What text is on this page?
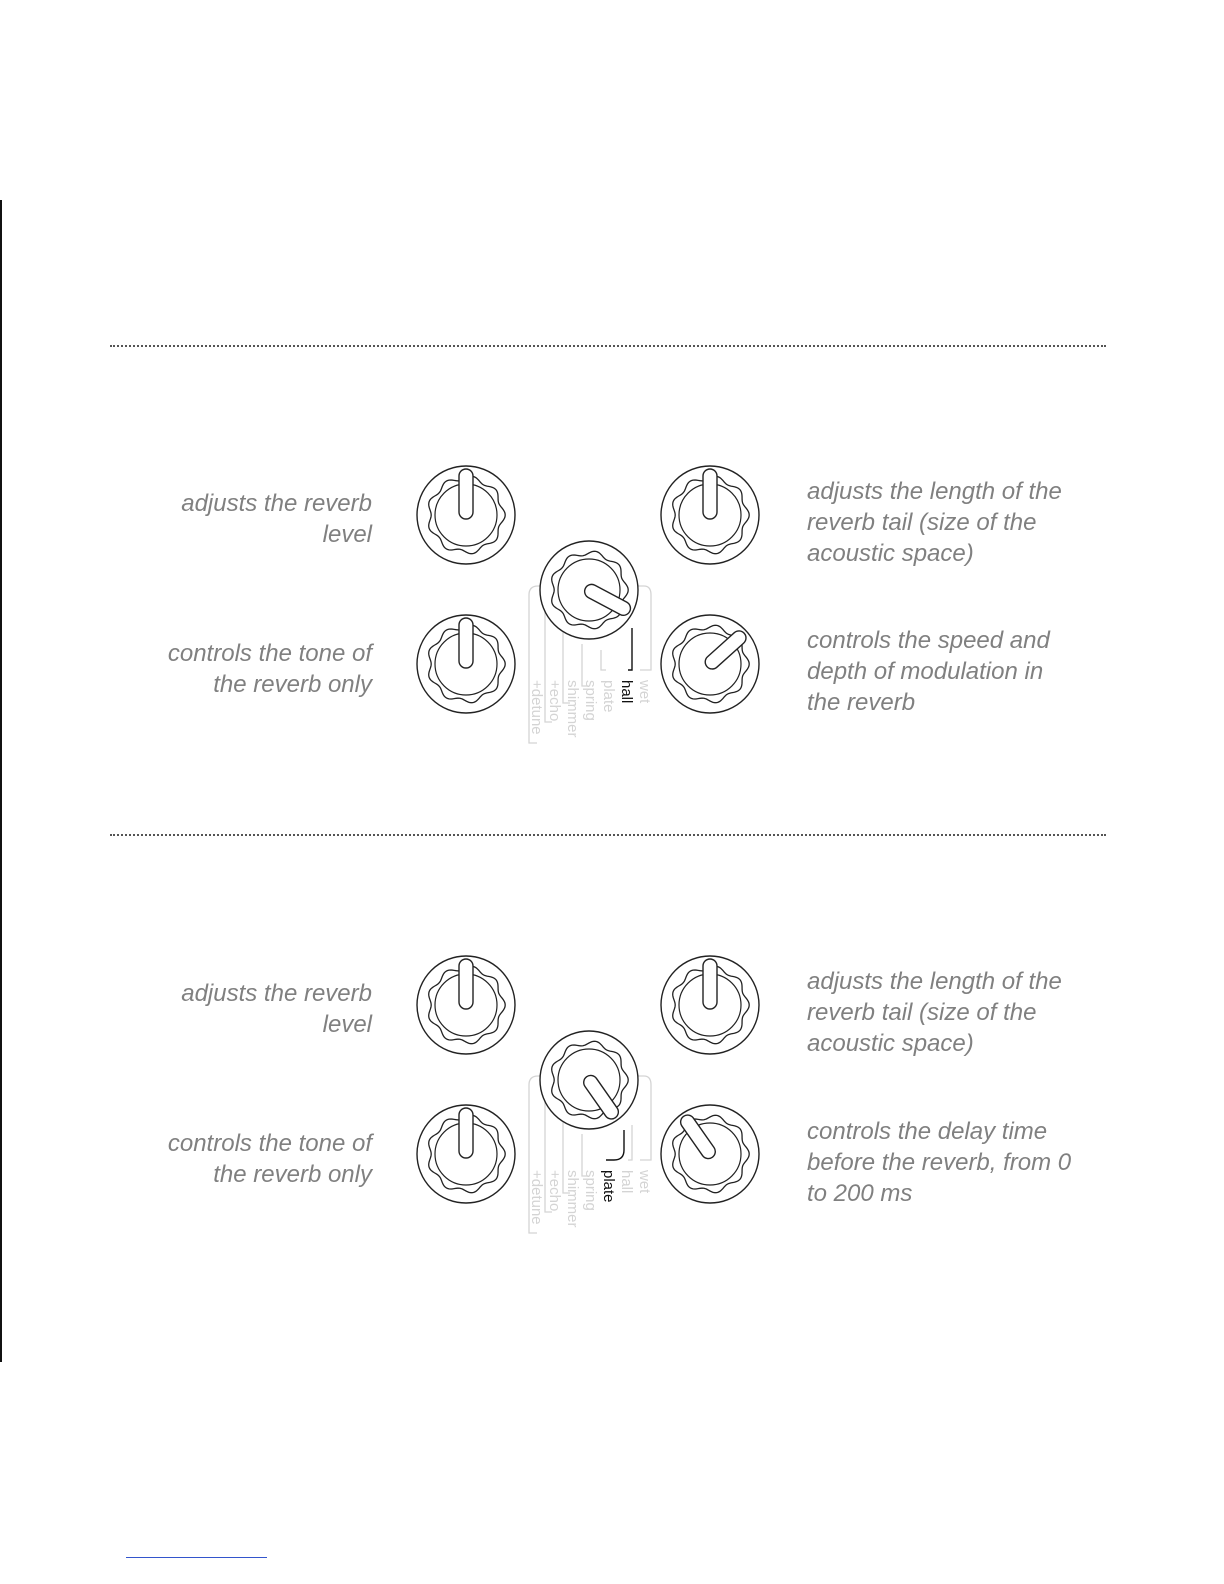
adjusts the reverb
level

controls the tone of
the reverb only

adjusts the length of the
reverb tail (size of the
acoustic space)

controls the speed and
depth of modulation in
the reverb

wet
hall
plate
spring
shimmer
+echo
+detune

adjusts the reverb
level

controls the tone of
the reverb only

adjusts the length of the
reverb tail (size of the
acoustic space)

controls the delay time
before the reverb, from 0
to 200 ms

wet
hall
plate
spring
shimmer
+echo
+detune
